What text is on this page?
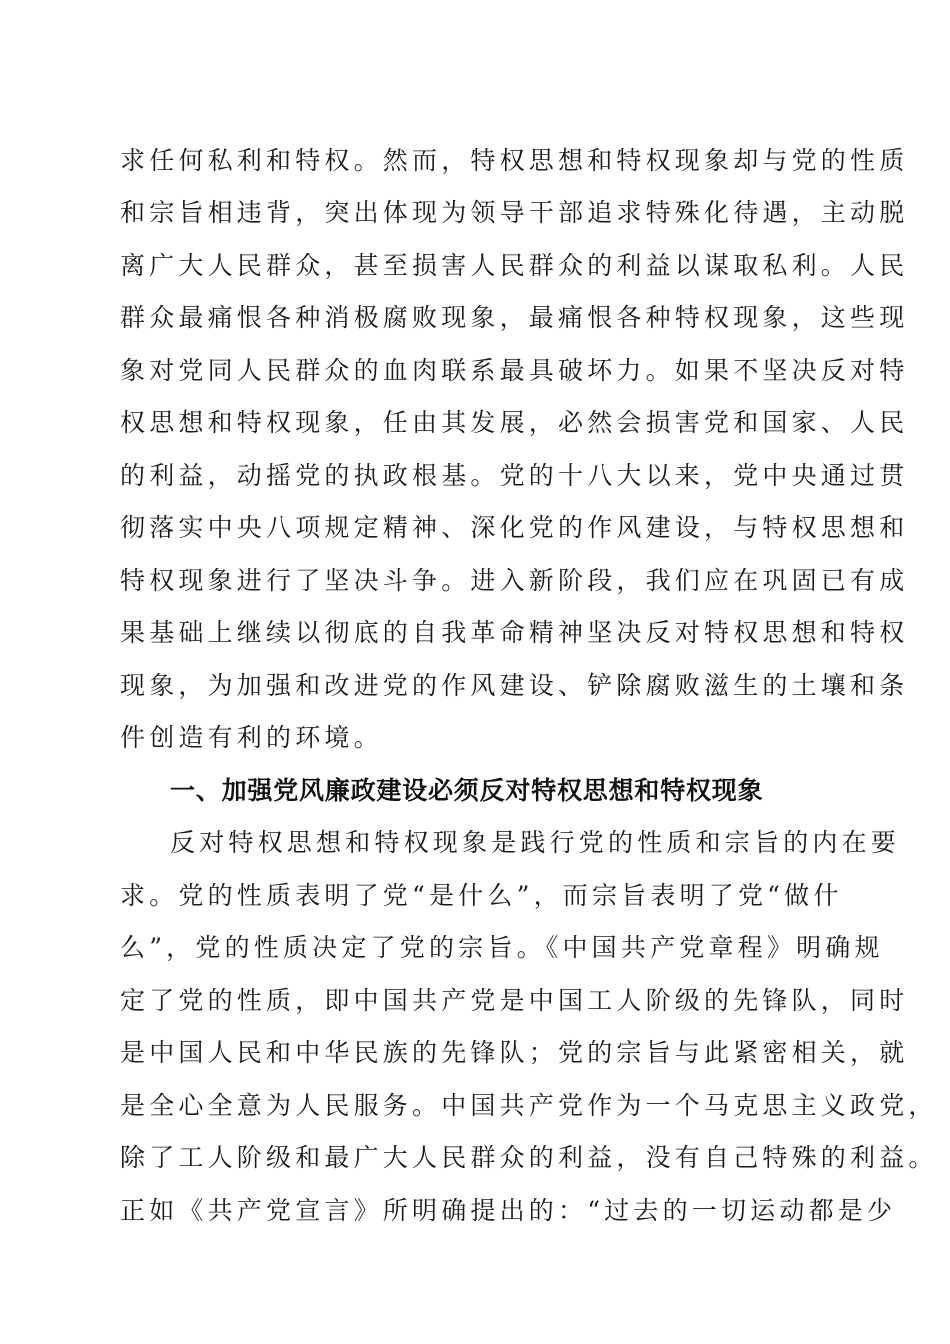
求任何私利和特权。然而，特权思想和特权现象却与党的性质
和宗旨相违背，突出体现为领导干部追求特殊化待遇，主动脱
离广大人民群众，甚至损害人民群众的利益以谋取私利。人民
群众最痛恨各种消极腐败现象，最痛恨各种特权现象，这些现
象对党同人民群众的血肉联系最具破坏力。如果不坚决反对特
权思想和特权现象，任由其发展，必然会损害党和国家、人民
的利益，动摇党的执政根基。党的十八大以来，党中央通过贯
彻落实中央八项规定精神、深化党的作风建设，与特权思想和
特权现象进行了坚决斗争。进入新阶段，我们应在巩固已有成
果基础上继续以彻底的自我革命精神坚决反对特权思想和特权
现象，为加强和改进党的作风建设、铲除腐败滋生的土壤和条
件创造有利的环境。
一、加强党风廉政建设必须反对特权思想和特权现象
反对特权思想和特权现象是践行党的性质和宗旨的内在要
求。党的性质表明了党“是什么”，而宗旨表明了党“做什
么”，党的性质决定了党的宗旨。《中国共产党章程》明确规
定了党的性质，即中国共产党是中国工人阶级的先锋队，同时
是中国人民和中华民族的先锋队；党的宗旨与此紧密相关，就
是全心全意为人民服务。中国共产党作为一个马克思主义政党，
除了工人阶级和最广大人民群众的利益，没有自己特殊的利益。
正如《共产党宣言》所明确提出的：“过去的一切运动都是少
